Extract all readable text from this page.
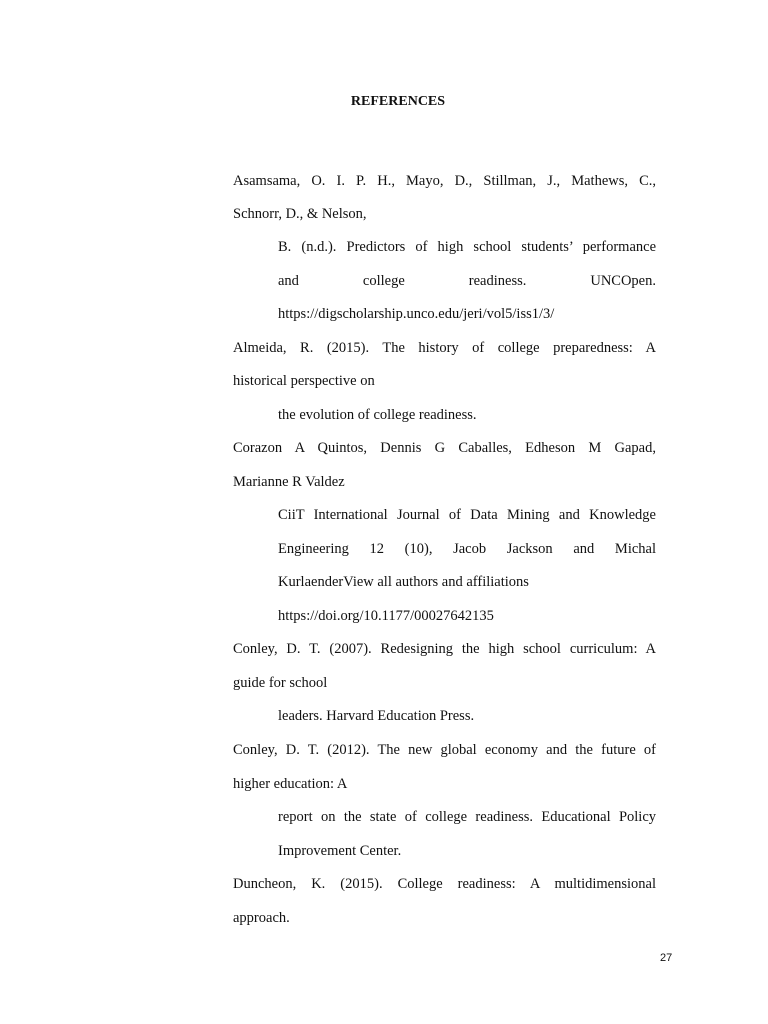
REFERENCES
Asamsama, O. I. P. H., Mayo, D., Stillman, J., Mathews, C.,
Schnorr, D., & Nelson,
B. (n.d.). Predictors of high school students’ performance
and college readiness. UNCOpen.
https://digscholarship.unco.edu/jeri/vol5/iss1/3/
Almeida, R. (2015). The history of college preparedness: A
historical perspective on
the evolution of college readiness.
Corazon A Quintos, Dennis G Caballes, Edheson M Gapad,
Marianne R Valdez
CiiT International Journal of Data Mining and Knowledge
Engineering 12 (10), Jacob Jackson and Michal
KurlaenderView all authors and affiliations
https://doi.org/10.1177/00027642135
Conley, D. T. (2007). Redesigning the high school curriculum: A
guide for school
leaders. Harvard Education Press.
Conley, D. T. (2012). The new global economy and the future of
higher education: A
report on the state of college readiness. Educational Policy
Improvement Center.
Duncheon, K. (2015). College readiness: A multidimensional
approach.
27
